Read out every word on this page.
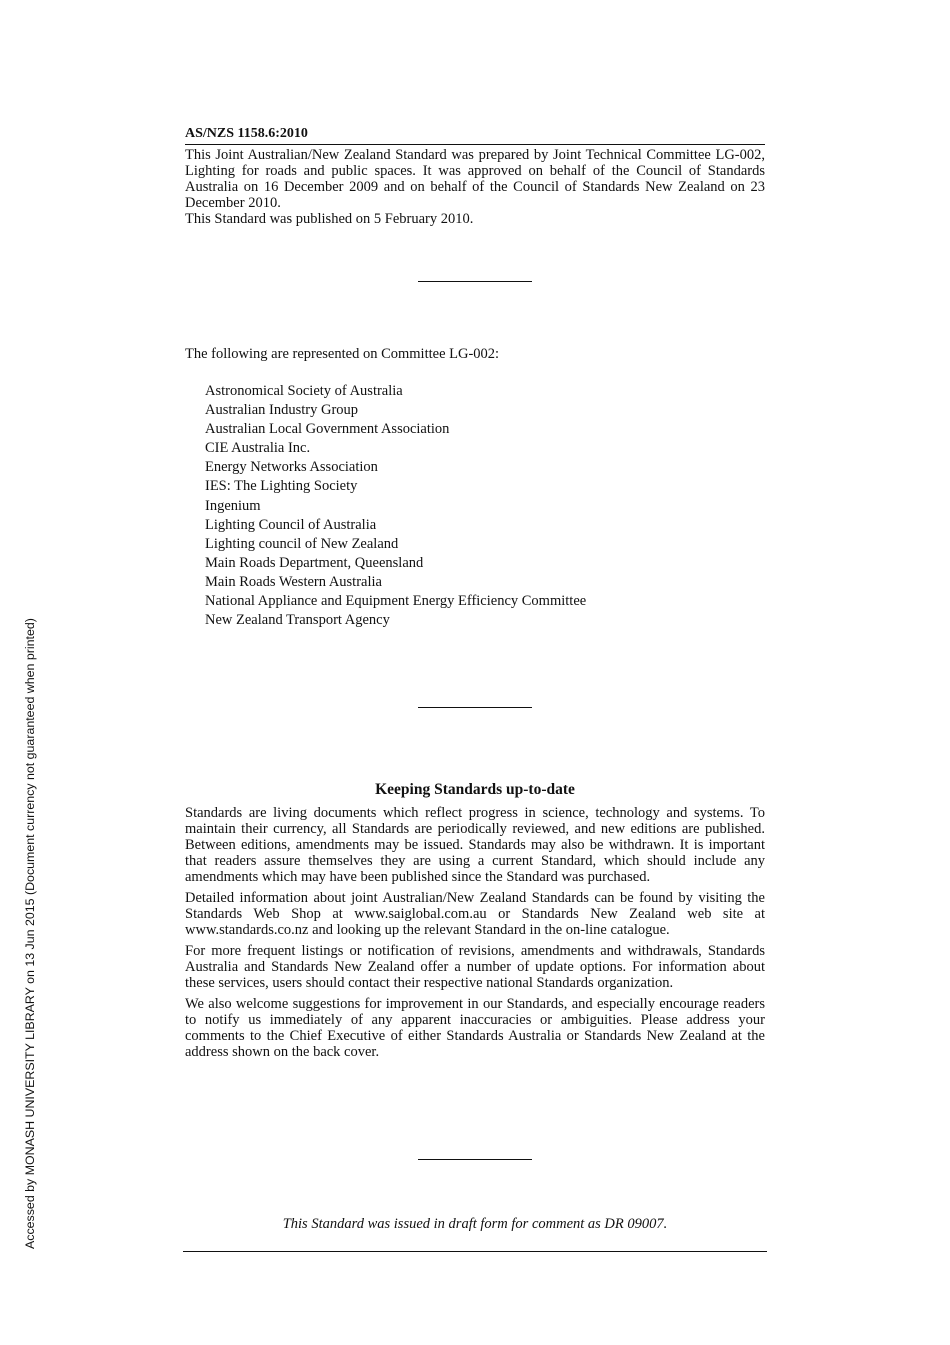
AS/NZS 1158.6:2010

This Joint Australian/New Zealand Standard was prepared by Joint Technical Committee LG-002, Lighting for roads and public spaces. It was approved on behalf of the Council of Standards Australia on 16 December 2009 and on behalf of the Council of Standards New Zealand on 23 December 2010.

This Standard was published on 5 February 2010.

The following are represented on Committee LG-002:

Astronomical Society of Australia
Australian Industry Group
Australian Local Government Association
CIE Australia Inc.
Energy Networks Association
IES: The Lighting Society
Ingenium
Lighting Council of Australia
Lighting council of New Zealand
Main Roads Department, Queensland
Main Roads Western Australia
National Appliance and Equipment Energy Efficiency Committee
New Zealand Transport Agency
Keeping Standards up-to-date

Standards are living documents which reflect progress in science, technology and systems. To maintain their currency, all Standards are periodically reviewed, and new editions are published. Between editions, amendments may be issued. Standards may also be withdrawn. It is important that readers assure themselves they are using a current Standard, which should include any amendments which may have been published since the Standard was purchased.

Detailed information about joint Australian/New Zealand Standards can be found by visiting the Standards Web Shop at www.saiglobal.com.au or Standards New Zealand web site at www.standards.co.nz and looking up the relevant Standard in the on-line catalogue.

For more frequent listings or notification of revisions, amendments and withdrawals, Standards Australia and Standards New Zealand offer a number of update options. For information about these services, users should contact their respective national Standards organization.

We also welcome suggestions for improvement in our Standards, and especially encourage readers to notify us immediately of any apparent inaccuracies or ambiguities. Please address your comments to the Chief Executive of either Standards Australia or Standards New Zealand at the address shown on the back cover.

This Standard was issued in draft form for comment as DR 09007.

Accessed by MONASH UNIVERSITY LIBRARY on 13 Jun 2015 (Document currency not guaranteed when printed)
